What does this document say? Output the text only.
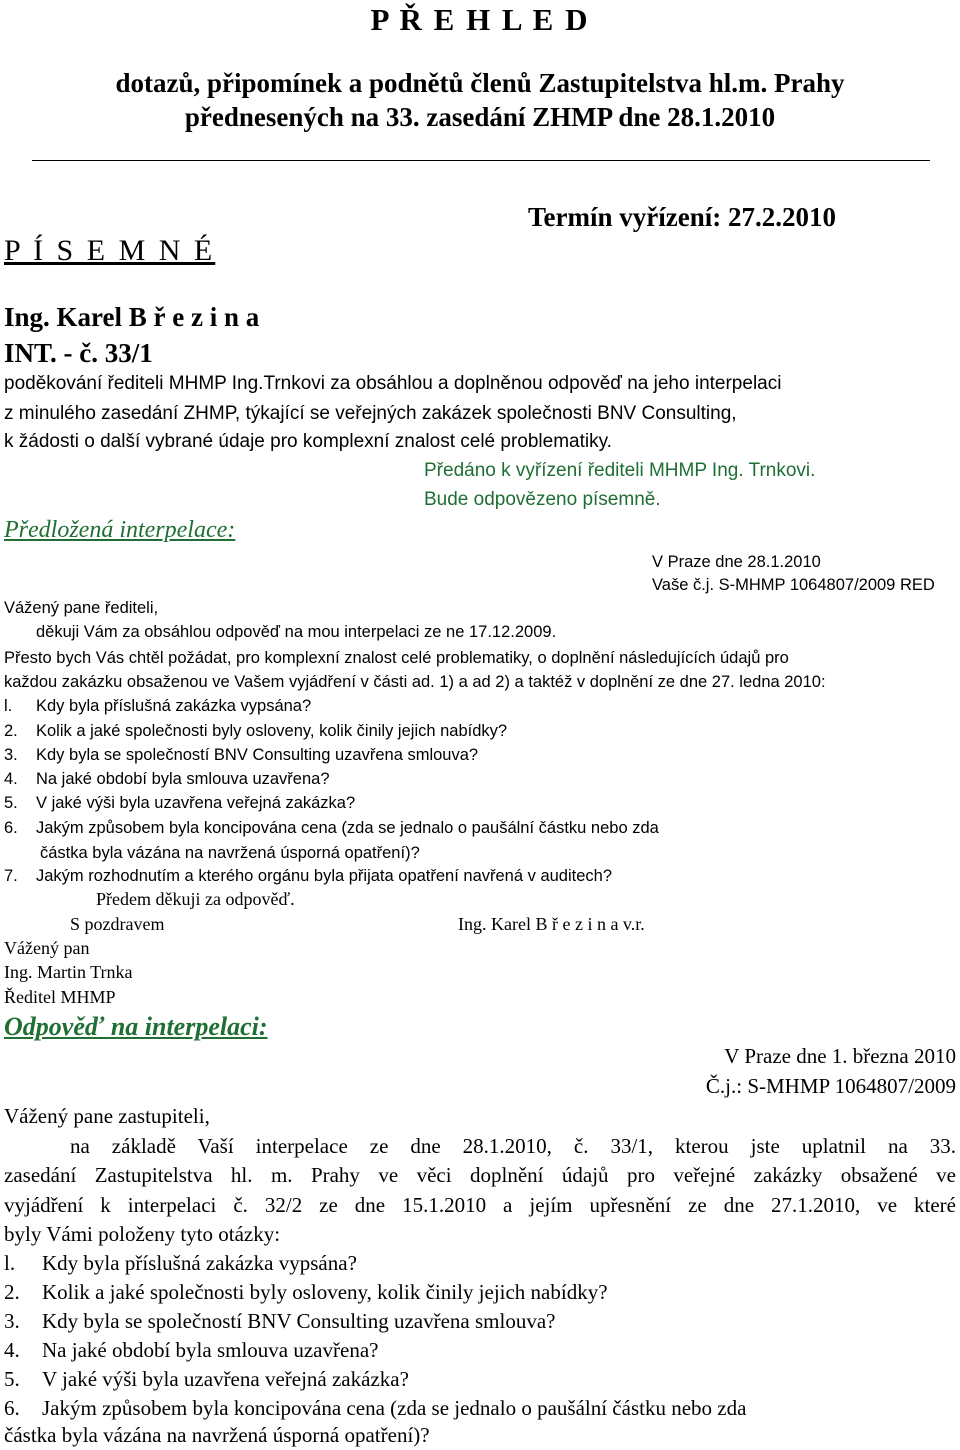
P Ř E H L E D
dotazů, připomínek a podnětů členů Zastupitelstva hl.m. Prahy
přednesených na 33. zasedání ZHMP dne 28.1.2010
Termín vyřízení: 27.2.2010
P Í S E M N É
Ing. Karel B ř e z i n a
INT. - č. 33/1
poděkování řediteli MHMP Ing.Trnkovi za obsáhlou a doplněnou odpověď na jeho interpelaci
z minulého zasedání ZHMP, týkající se veřejných zakázek společnosti BNV Consulting,
k žádosti o další vybrané údaje pro komplexní znalost celé problematiky.
Předáno k vyřízení řediteli MHMP Ing. Trnkovi.
Bude odpovězeno písemně.
Předložená interpelace:
V Praze dne 28.1.2010
Vaše č.j. S-MHMP 1064807/2009 RED
Vážený pane řediteli,
děkuji Vám za obsáhlou odpověď na mou interpelaci ze ne 17.12.2009.
Přesto bych Vás chtěl požádat, pro komplexní znalost celé problematiky, o doplnění následujících údajů pro
každou zakázku obsaženou ve Vašem vyjádření v části ad. 1) a ad 2) a taktéž v doplnění ze dne 27. ledna 2010:
l. Kdy byla příslušná zakázka vypsána?
2. Kolik a jaké společnosti byly osloveny, kolik činily jejich nabídky?
3. Kdy byla se společností BNV Consulting uzavřena smlouva?
4. Na jaké období byla smlouva uzavřena?
5. V jaké výši byla uzavřena veřejná zakázka?
6. Jakým způsobem byla koncipována cena (zda se jednalo o paušální částku nebo zda
částka byla vázána na navržená úsporná opatření)?
7. Jakým rozhodnutím a kterého orgánu byla přijata opatření navřená v auditech?
Předem děkuji za odpověď.
S pozdravem	Ing. Karel B ř e z i n a v.r.
Vážený pan
Ing. Martin Trnka
Ředitel MHMP
Odpověď na interpelaci:
V Praze dne 1. března 2010
Č.j.: S-MHMP 1064807/2009
Vážený pane zastupiteli,
na základě Vaší interpelace ze dne 28.1.2010, č. 33/1, kterou jste uplatnil na 33.
zasedání Zastupitelstva hl. m. Prahy ve věci doplnění údajů pro veřejné zakázky obsažené ve
vyjádření k interpelaci č. 32/2 ze dne 15.1.2010 a jejím upřesnění ze dne 27.1.2010, ve které
byly Vámi položeny tyto otázky:
l. Kdy byla příslušná zakázka vypsána?
2. Kolik a jaké společnosti byly osloveny, kolik činily jejich nabídky?
3. Kdy byla se společností BNV Consulting uzavřena smlouva?
4. Na jaké období byla smlouva uzavřena?
5. V jaké výši byla uzavřena veřejná zakázka?
6. Jakým způsobem byla koncipována cena (zda se jednalo o paušální částku nebo zda
částka byla vázána na navržená úsporná opatření)?
